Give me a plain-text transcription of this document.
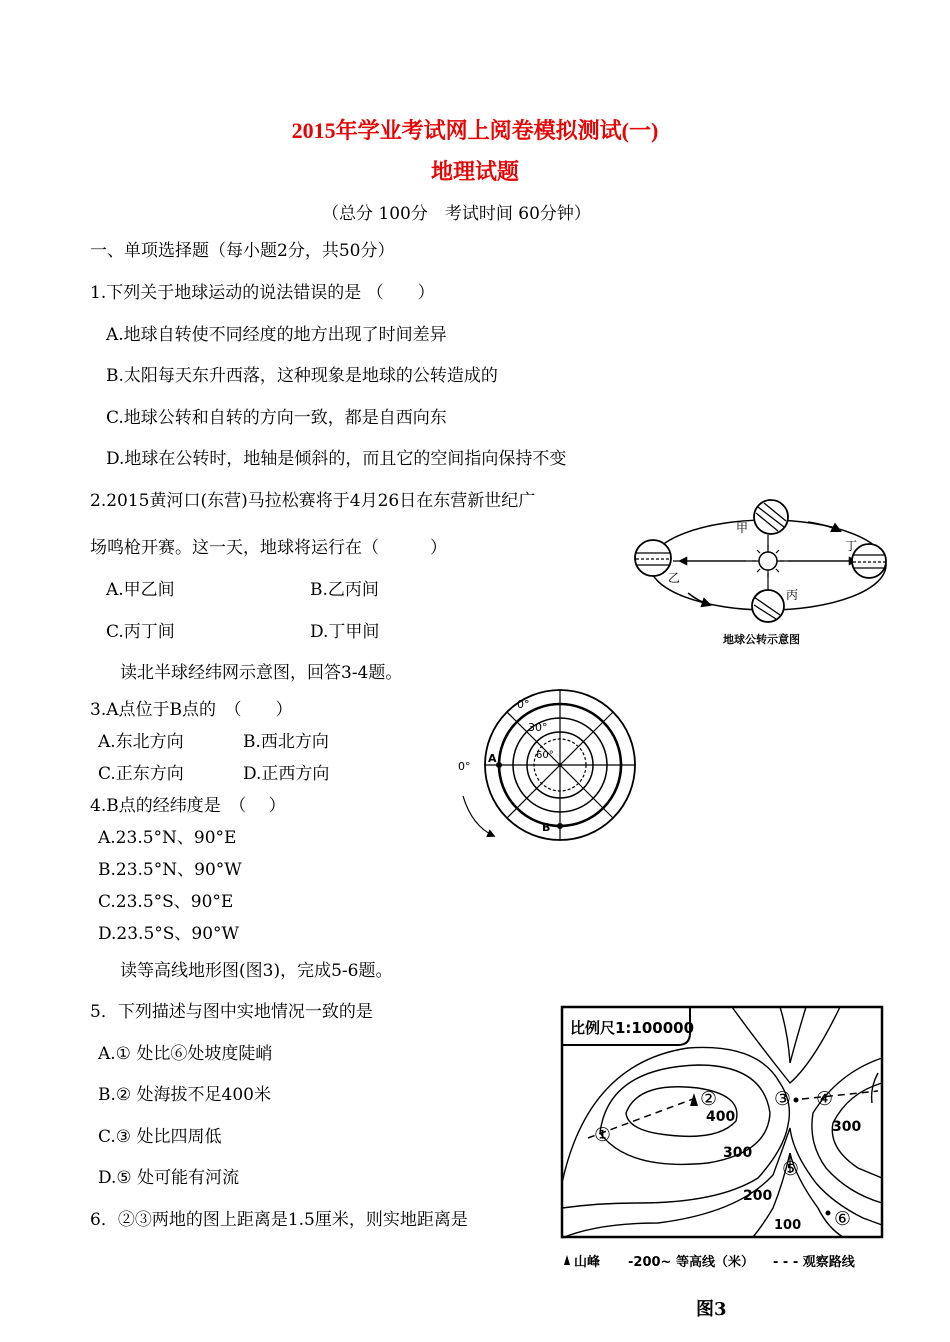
2015年学业考试网上阅卷模拟测试(一)
地理试题
（总分 100分　考试时间 60分钟）
一、单项选择题（每小题2分，共50分）
1.下列关于地球运动的说法错误的是 （　　）
A.地球自转使不同经度的地方出现了时间差异
B.太阳每天东升西落，这种现象是地球的公转造成的
C.地球公转和自转的方向一致，都是自西向东
D.地球在公转时，地轴是倾斜的，而且它的空间指向保持不变
2.2015黄河口(东营)马拉松赛将于4月26日在东营新世纪广
场鸣枪开赛。这一天，地球将运行在（　　　）
A.甲乙间	B.乙丙间
C.丙丁间	D.丁甲间
读北半球经纬网示意图，回答3-4题。
3.A点位于B点的　（　　）
A.东北方向	B.西北方向
C.正东方向	D.正西方向
4.B点的经纬度是　（　 ）
A.23.5°N、90°E
B.23.5°N、90°W
C.23.5°S、90°E
D.23.5°S、90°W
读等高线地形图(图3)，完成5-6题。
5．下列描述与图中实地情况一致的是
A.① 处比⑥处坡度陡峭
B.② 处海拔不足400米
C.③ 处比四周低
D.⑤ 处可能有河流
6．②③两地的图上距离是1.5厘米，则实地距离是
甲
乙
丙
丁
地球公转示意图
0°
30°
60°
0°
A
B
比例尺1:100000
①
②	③ ④
⑤
⑥
400
300
300
200
100
山峰 -200~ 等高线（米） - - - 观察路线
图3
